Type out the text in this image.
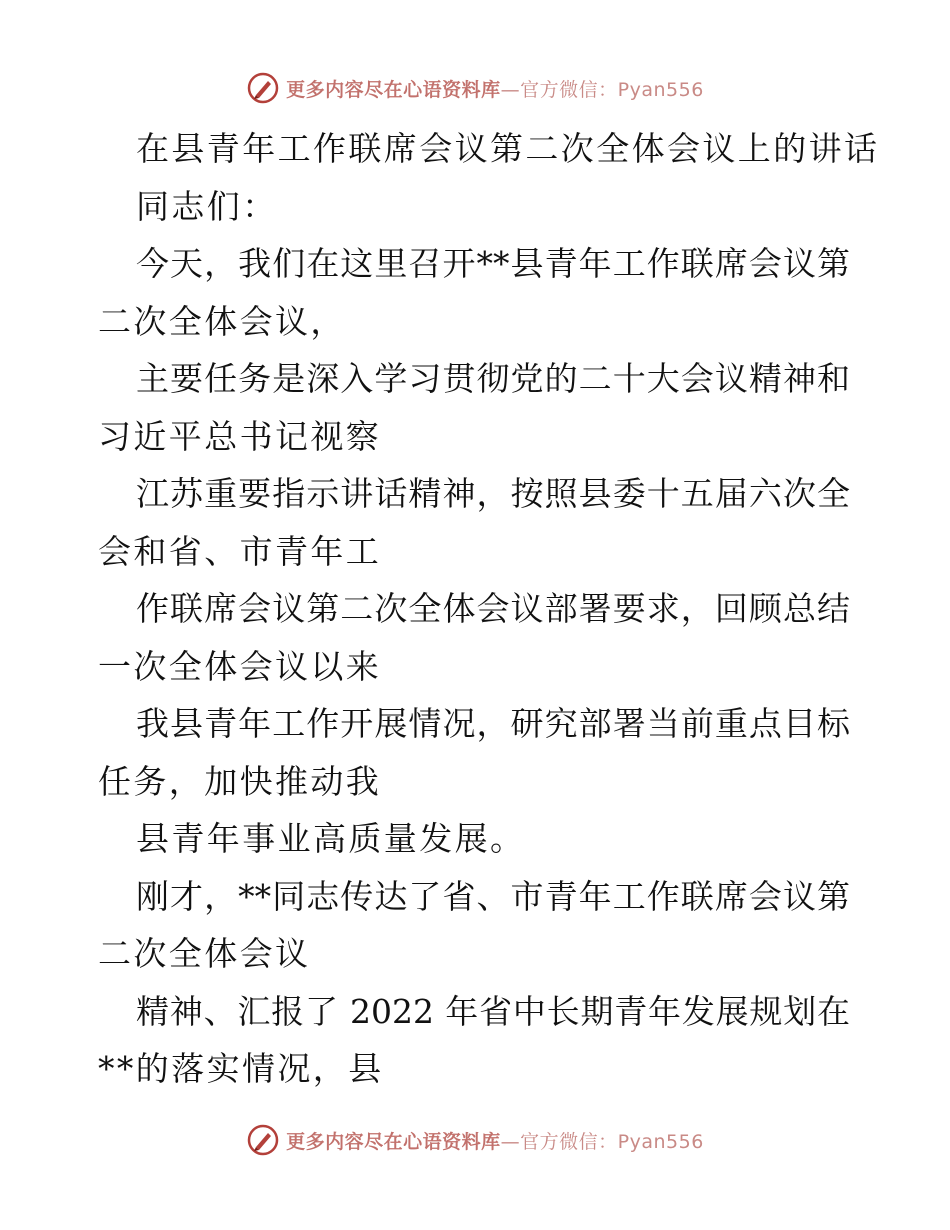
更多内容尽在心语资料库—官方微信：Pyan556
在县青年工作联席会议第二次全体会议上的讲话
同志们：
今天，我们在这里召开**县青年工作联席会议第
二次全体会议，
主要任务是深入学习贯彻党的二十大会议精神和
习近平总书记视察
江苏重要指示讲话精神，按照县委十五届六次全
会和省、市青年工
作联席会议第二次全体会议部署要求，回顾总结
一次全体会议以来
我县青年工作开展情况，研究部署当前重点目标
任务，加快推动我
县青年事业高质量发展。
刚才，**同志传达了省、市青年工作联席会议第
二次全体会议
精神、汇报了 2022 年省中长期青年发展规划在
**的落实情况，县
更多内容尽在心语资料库—官方微信：Pyan556
